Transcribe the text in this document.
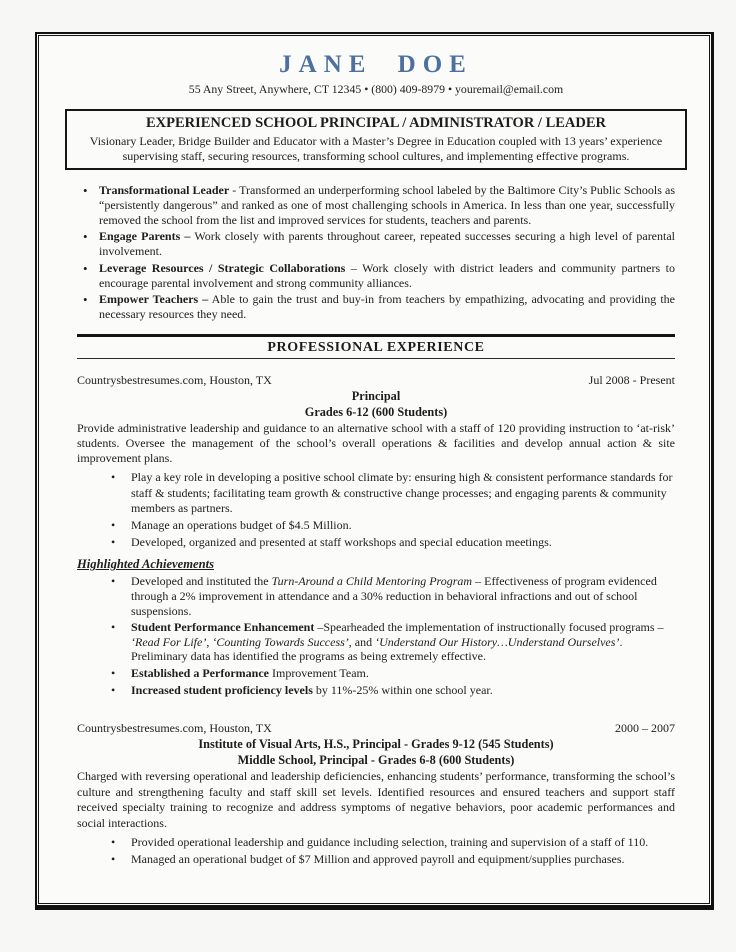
JANE DOE
55 Any Street, Anywhere, CT 12345 • (800) 409-8979 • youremail@email.com
EXPERIENCED SCHOOL PRINCIPAL / ADMINISTRATOR / LEADER
Visionary Leader, Bridge Builder and Educator with a Master’s Degree in Education coupled with 13 years’ experience supervising staff, securing resources, transforming school cultures, and implementing effective programs.
• Transformational Leader - Transformed an underperforming school labeled by the Baltimore City’s Public Schools as “persistently dangerous” and ranked as one of most challenging schools in America. In less than one year, successfully removed the school from the list and improved services for students, teachers and parents.
• Engage Parents – Work closely with parents throughout career, repeated successes securing a high level of parental involvement.
• Leverage Resources / Strategic Collaborations – Work closely with district leaders and community partners to encourage parental involvement and strong community alliances.
• Empower Teachers – Able to gain the trust and buy-in from teachers by empathizing, advocating and providing the necessary resources they need.
PROFESSIONAL EXPERIENCE
Countrysbestresumes.com, Houston, TX	Jul 2008 - Present
Principal
Grades 6-12 (600 Students)
Provide administrative leadership and guidance to an alternative school with a staff of 120 providing instruction to ‘at-risk’ students. Oversee the management of the school’s overall operations & facilities and develop annual action & site improvement plans.
• Play a key role in developing a positive school climate by: ensuring high & consistent performance standards for staff & students; facilitating team growth & constructive change processes; and engaging parents & community members as partners.
• Manage an operations budget of $4.5 Million.
• Developed, organized and presented at staff workshops and special education meetings.
Highlighted Achievements
• Developed and instituted the Turn-Around a Child Mentoring Program – Effectiveness of program evidenced through a 2% improvement in attendance and a 30% reduction in behavioral infractions and out of school suspensions.
• Student Performance Enhancement –Spearheaded the implementation of instructionally focused programs – ‘Read For Life’, ‘Counting Towards Success’, and ‘Understand Our History…Understand Ourselves’. Preliminary data has identified the programs as being extremely effective.
• Established a Performance Improvement Team.
• Increased student proficiency levels by 11%-25% within one school year.
Countrysbestresumes.com, Houston, TX	2000 – 2007
Institute of Visual Arts, H.S., Principal - Grades 9-12 (545 Students)
Middle School, Principal - Grades 6-8 (600 Students)
Charged with reversing operational and leadership deficiencies, enhancing students’ performance, transforming the school’s culture and strengthening faculty and staff skill set levels. Identified resources and ensured teachers and support staff received specialty training to recognize and address symptoms of negative behaviors, poor academic performances and social interactions.
• Provided operational leadership and guidance including selection, training and supervision of a staff of 110.
• Managed an operational budget of $7 Million and approved payroll and equipment/supplies purchases.
